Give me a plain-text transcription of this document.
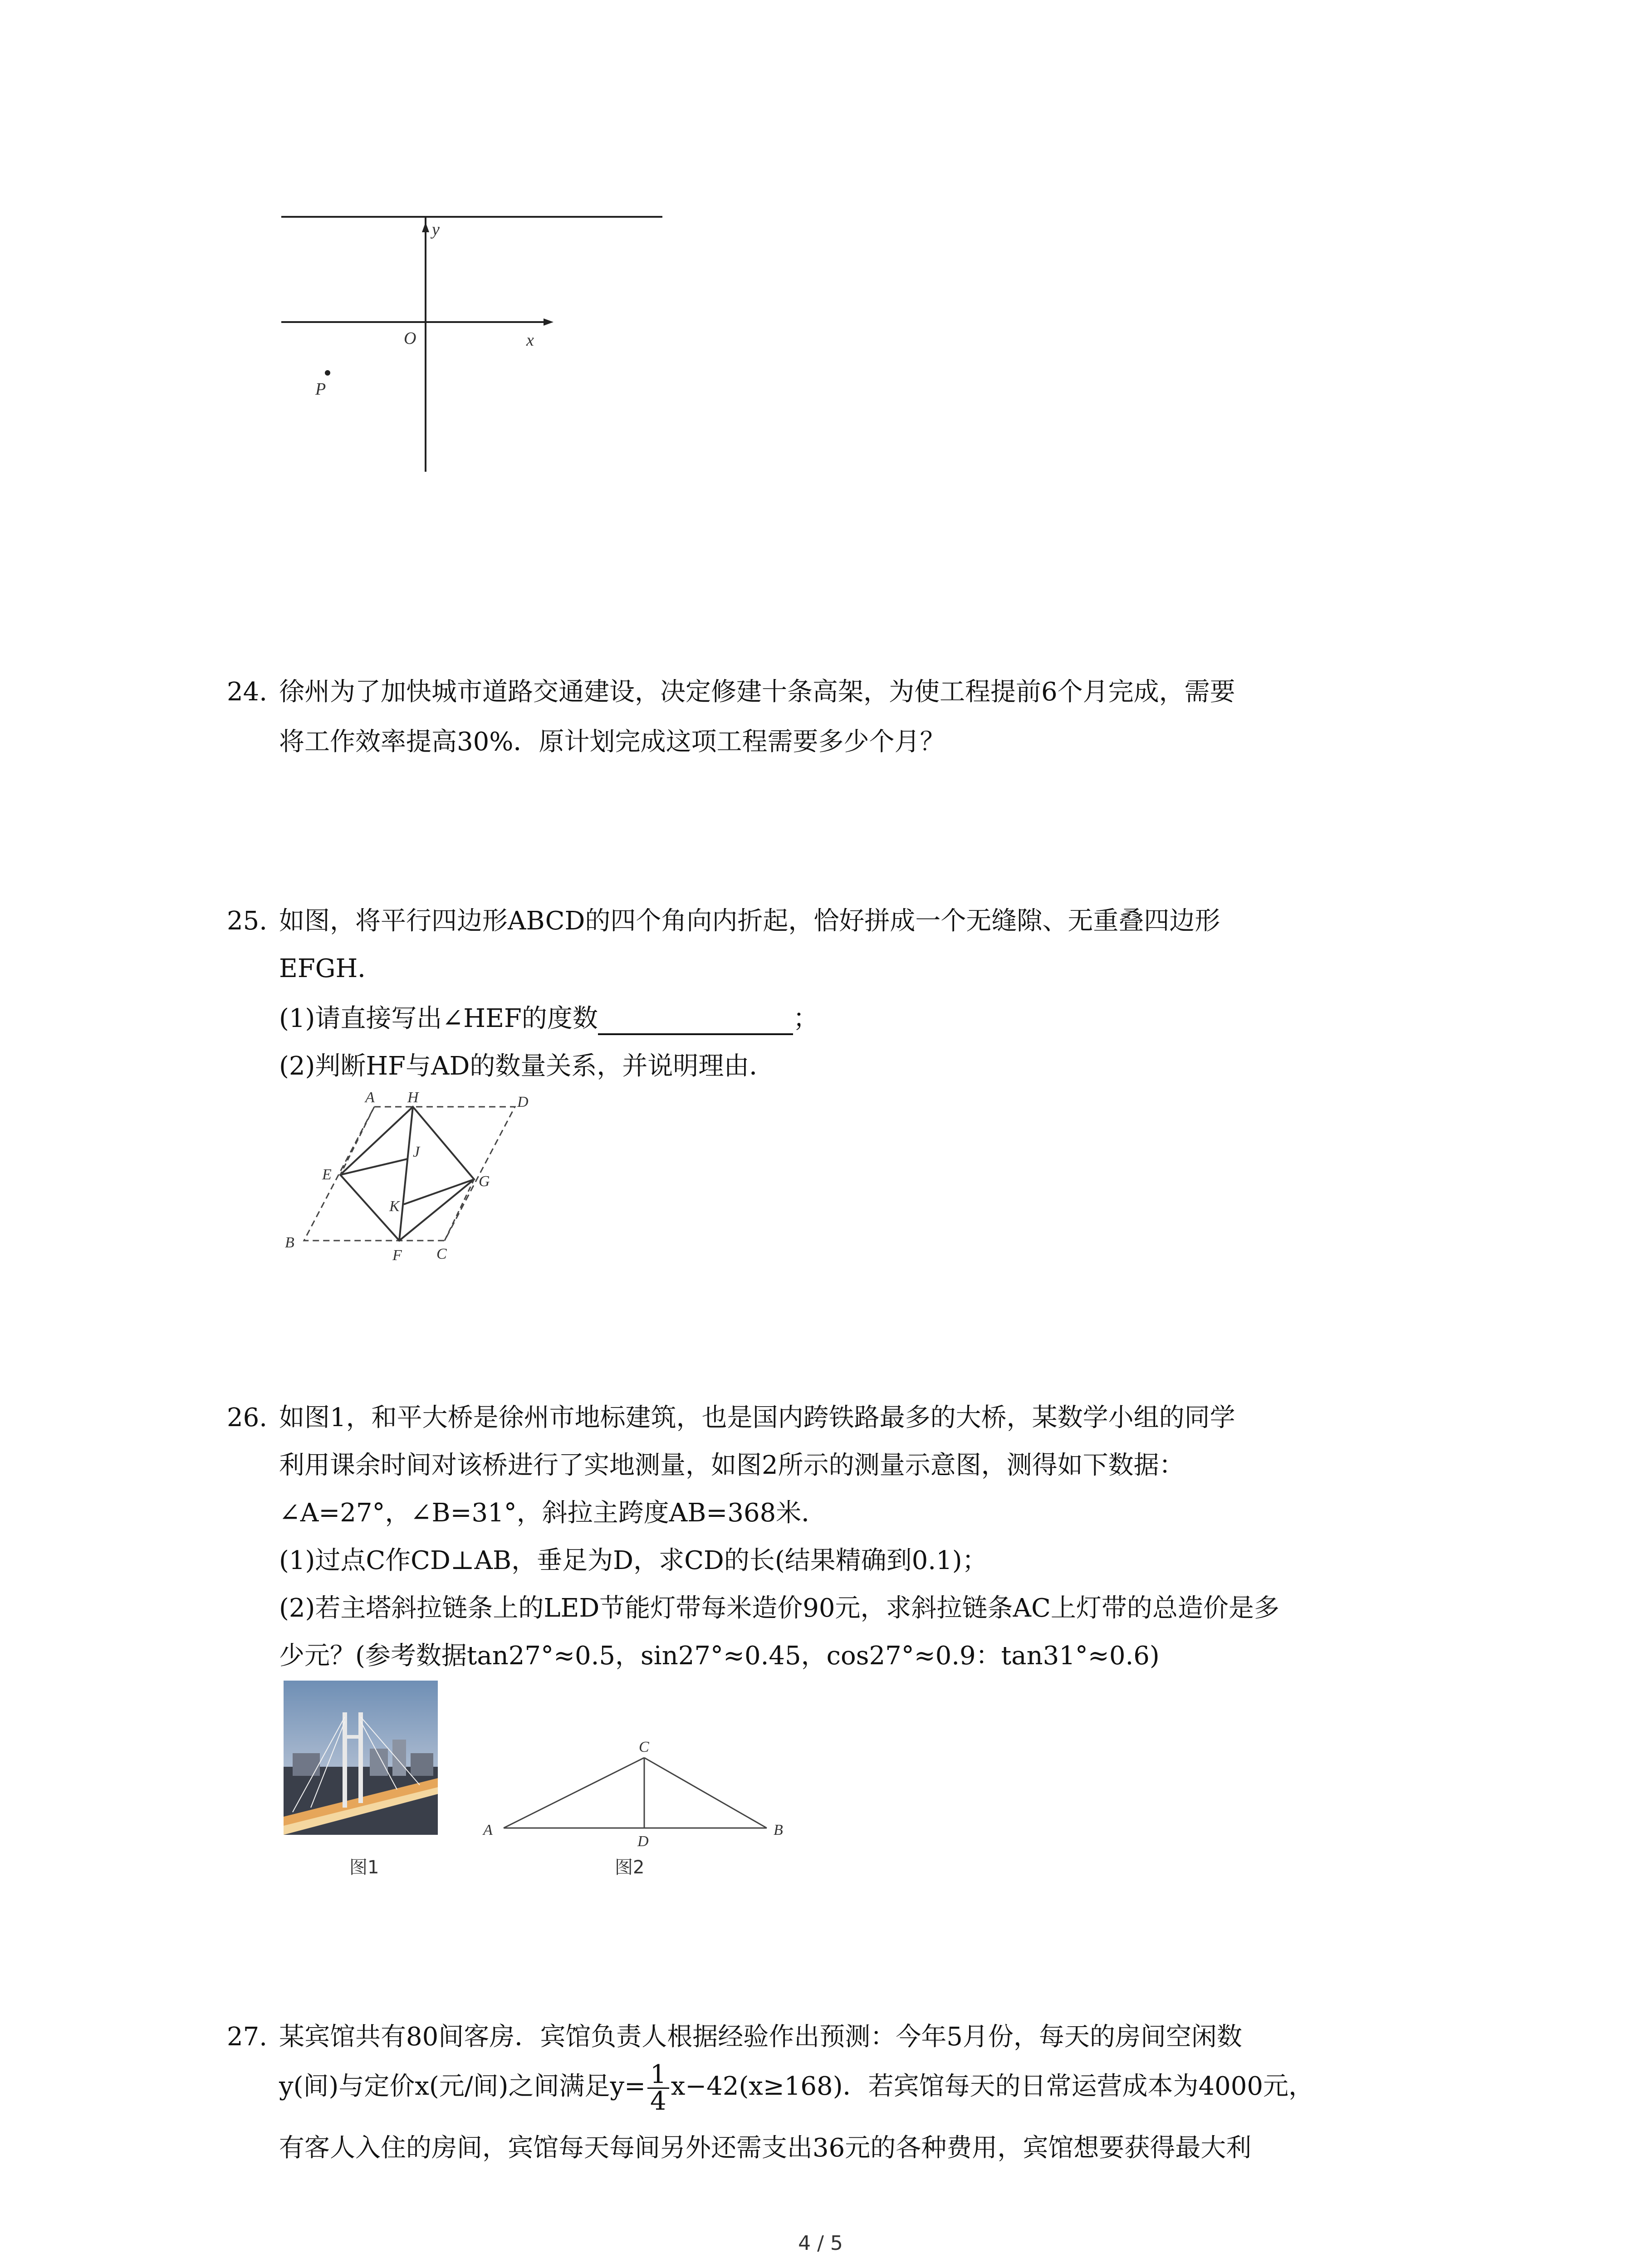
y
x
O
P
24. 徐州为了加快城市道路交通建设，决定修建十条高架，为使工程提前6个月完成，需要
将工作效率提高30%．原计划完成这项工程需要多少个月？
25. 如图，将平行四边形ABCD的四个角向内折起，恰好拼成一个无缝隙、无重叠四边形
EFGH．
(1)请直接写出∠HEF的度数	；
(2)判断HF与AD的数量关系，并说明理由．
A H	D
E
J
G
K
B
F C
26. 如图1，和平大桥是徐州市地标建筑，也是国内跨铁路最多的大桥，某数学小组的同学
利用课余时间对该桥进行了实地测量，如图2所示的测量示意图，测得如下数据：
∠A=27°，∠B=31°，斜拉主跨度AB=368米．
(1)过点C作CD⊥AB，垂足为D，求CD的长(结果精确到0.1)；
(2)若主塔斜拉链条上的LED节能灯带每米造价90元，求斜拉链条AC上灯带的总造价是多
少元？(参考数据tan27°≈0.5，sin27°≈0.45，cos27°≈0.9：tan31°≈0.6)
图1
C
A	B
D
图2
27. 某宾馆共有80间客房．宾馆负责人根据经验作出预测：今年5月份，每天的房间空闲数
y(间)与定价x(元/间)之间满足$y= \frac{1}{4} x-42(x\ge 168)$．若宾馆每天的日常运营成本为4000元，
有客人入住的房间，宾馆每天每间另外还需支出36元的各种费用，宾馆想要获得最大利
4 / 5
